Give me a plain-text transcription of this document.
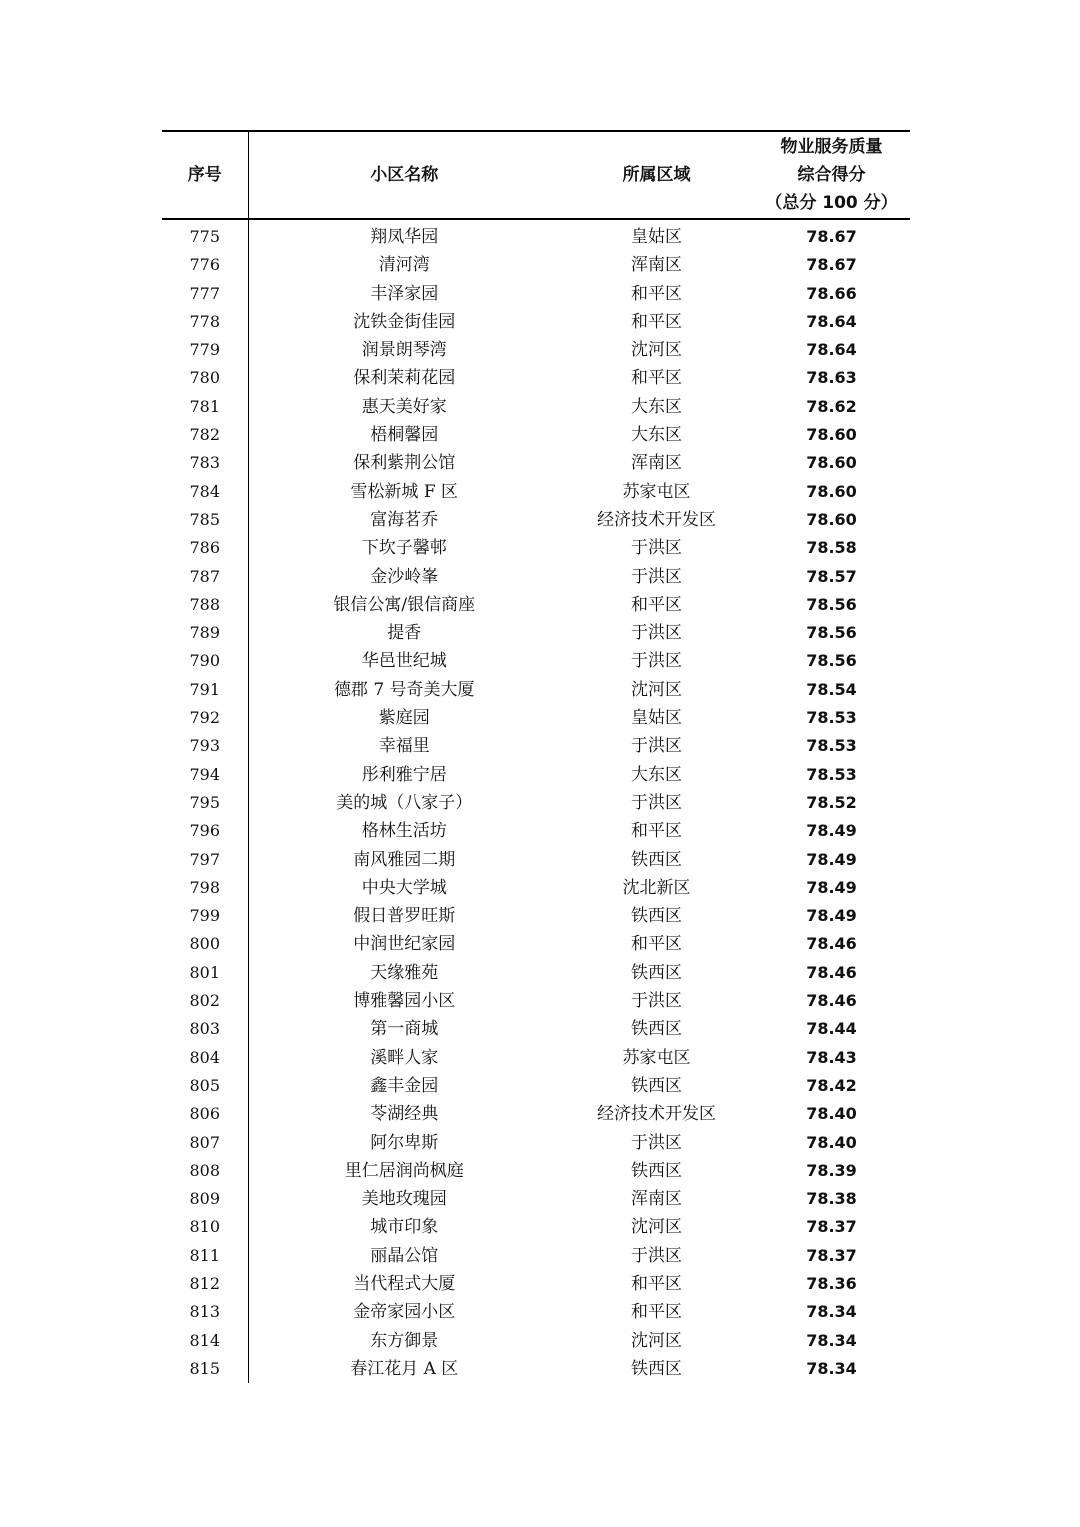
序号	小区名称	所属区域	物业服务质量
综合得分
（总分 100 分）

775	翔凤华园	皇姑区	78.67
776	清河湾	浑南区	78.67
777	丰泽家园	和平区	78.66
778	沈铁金街佳园	和平区	78.64
779	润景朗琴湾	沈河区	78.64
780	保利茉莉花园	和平区	78.63
781	惠天美好家	大东区	78.62
782	梧桐馨园	大东区	78.60
783	保利紫荆公馆	浑南区	78.60
784	雪松新城 F 区	苏家屯区	78.60
785	富海茗乔	经济技术开发区	78.60
786	下坎子馨邨	于洪区	78.58
787	金沙岭峯	于洪区	78.57
788	银信公寓/银信商座	和平区	78.56
789	提香	于洪区	78.56
790	华邑世纪城	于洪区	78.56
791	德郡 7 号奇美大厦	沈河区	78.54
792	紫庭园	皇姑区	78.53
793	幸福里	于洪区	78.53
794	彤利雅宁居	大东区	78.53
795	美的城（八家子）	于洪区	78.52
796	格林生活坊	和平区	78.49
797	南风雅园二期	铁西区	78.49
798	中央大学城	沈北新区	78.49
799	假日普罗旺斯	铁西区	78.49
800	中润世纪家园	和平区	78.46
801	天缘雅苑	铁西区	78.46
802	博雅馨园小区	于洪区	78.46
803	第一商城	铁西区	78.44
804	溪畔人家	苏家屯区	78.43
805	鑫丰金园	铁西区	78.42
806	苓湖经典	经济技术开发区	78.40
807	阿尔卑斯	于洪区	78.40
808	里仁居润尚枫庭	铁西区	78.39
809	美地玫瑰园	浑南区	78.38
810	城市印象	沈河区	78.37
811	丽晶公馆	于洪区	78.37
812	当代程式大厦	和平区	78.36
813	金帝家园小区	和平区	78.34
814	东方御景	沈河区	78.34
815	春江花月 A 区	铁西区	78.34
